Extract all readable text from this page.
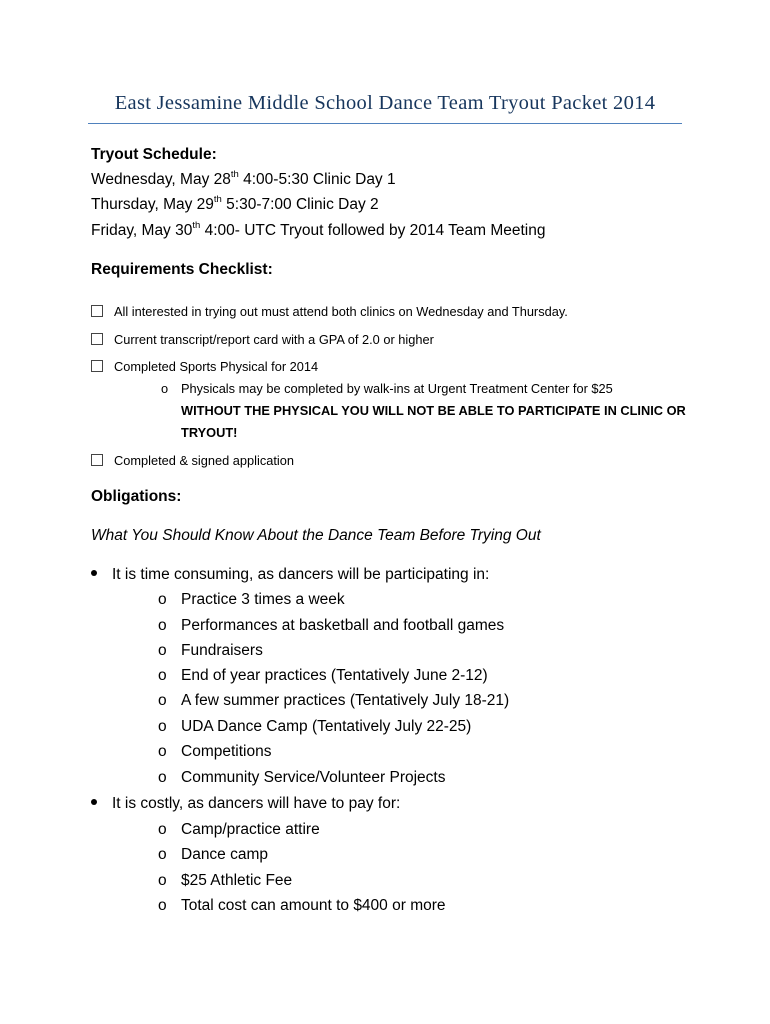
East Jessamine Middle School Dance Team Tryout Packet 2014
Tryout Schedule:
Wednesday, May 28th 4:00-5:30 Clinic Day 1
Thursday, May 29th 5:30-7:00 Clinic Day 2
Friday, May 30th 4:00- UTC Tryout followed by 2014 Team Meeting
Requirements Checklist:
All interested in trying out must attend both clinics on Wednesday and Thursday.
Current transcript/report card with a GPA of 2.0 or higher
Completed Sports Physical for 2014
o Physicals may be completed by walk-ins at Urgent Treatment Center for $25
WITHOUT THE PHYSICAL YOU WILL NOT BE ABLE TO PARTICIPATE IN CLINIC OR
TRYOUT!
Completed & signed application
Obligations:
What You Should Know About the Dance Team Before Trying Out
It is time consuming, as dancers will be participating in:
o Practice 3 times a week
o Performances at basketball and football games
o Fundraisers
o End of year practices (Tentatively June 2-12)
o A few summer practices (Tentatively July 18-21)
o UDA Dance Camp (Tentatively July 22-25)
o Competitions
o Community Service/Volunteer Projects
It is costly, as dancers will have to pay for:
o Camp/practice attire
o Dance camp
o $25 Athletic Fee
o Total cost can amount to $400 or more
